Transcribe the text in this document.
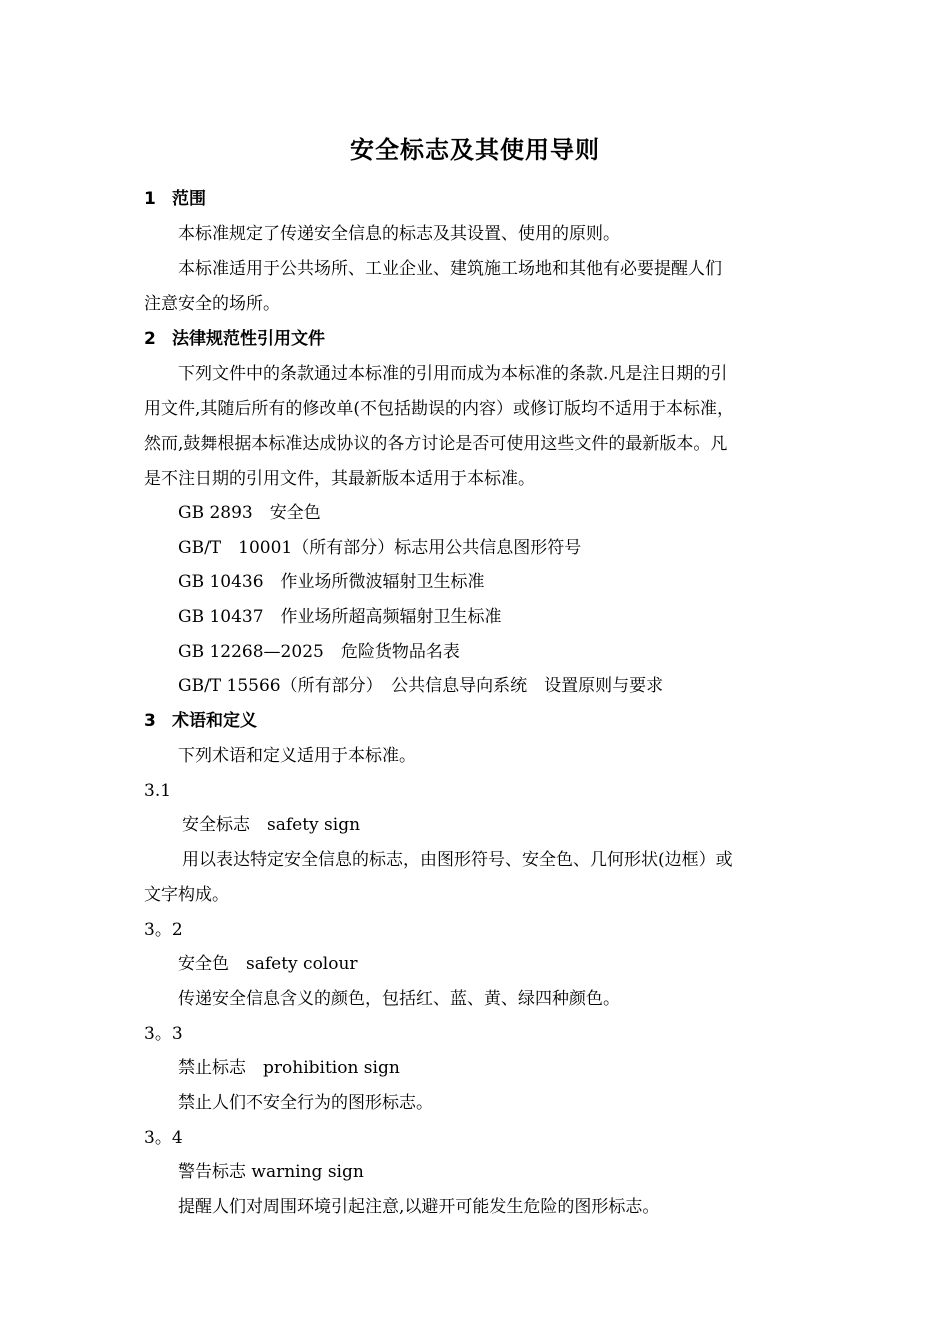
安全标志及其使用导则
1 范围
本标准规定了传递安全信息的标志及其设置、使用的原则。
本标准适用于公共场所、工业企业、建筑施工场地和其他有必要提醒人们
注意安全的场所。
2 法律规范性引用文件
下列文件中的条款通过本标准的引用而成为本标准的条款.凡是注日期的引
用文件,其随后所有的修改单(不包括勘误的内容）或修订版均不适用于本标准，
然而,鼓舞根据本标准达成协议的各方讨论是否可使用这些文件的最新版本。凡
是不注日期的引用文件，其最新版本适用于本标准。
GB 2893　安全色
GB/T　10001（所有部分）标志用公共信息图形符号
GB 10436　作业场所微波辐射卫生标准
GB 10437　作业场所超高频辐射卫生标准
GB 12268—2025　危险货物品名表
GB/T 15566（所有部分）　公共信息导向系统　设置原则与要求
3 术语和定义
下列术语和定义适用于本标准。
3.1
安全标志　safety sign
用以表达特定安全信息的标志，由图形符号、安全色、几何形状(边框）或
文字构成。
3。2
安全色　safety colour
传递安全信息含义的颜色，包括红、蓝、黄、绿四种颜色。
3。3
禁止标志　prohibition sign
禁止人们不安全行为的图形标志。
3。4
警告标志 warning sign
提醒人们对周围环境引起注意,以避开可能发生危险的图形标志。
